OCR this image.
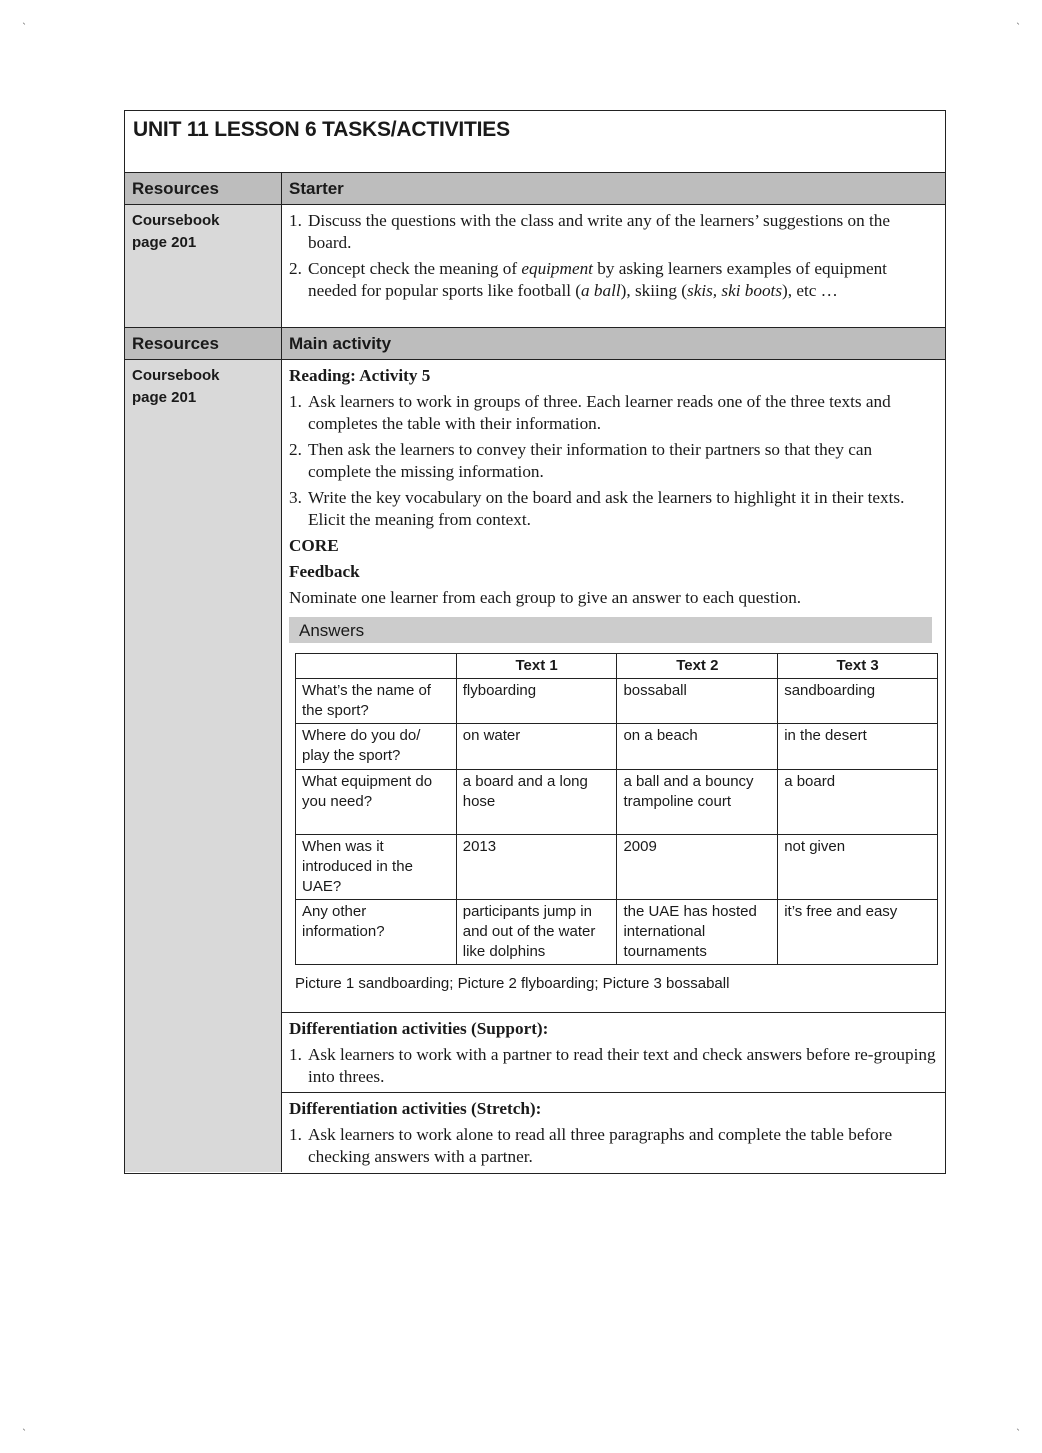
ˎ	ˎ
ˎ	ˎ
UNIT 11 LESSON 6 TASKS/ACTIVITIES
Resources	Starter
Coursebook
page 201
1. Discuss the questions with the class and write any of the learners’ suggestions on the board.
2. Concept check the meaning of equipment by asking learners examples of equipment needed for popular sports like football (a ball), skiing (skis, ski boots), etc …
Resources	Main activity
Coursebook
page 201

Reading: Activity 5

1. Ask learners to work in groups of three. Each learner reads one of the three texts and completes the table with their information.
2. Then ask the learners to convey their information to their partners so that they can complete the missing information.
3. Write the key vocabulary on the board and ask the learners to highlight it in their texts. Elicit the meaning from context.

CORE

Feedback

Nominate one learner from each group to give an answer to each question.

Answers
	Text 1	Text 2	Text 3
What’s the name of the sport?	flyboarding	bossaball	sandboarding
Where do you do/ play the sport?	on water	on a beach	in the desert
What equipment do you need?	a board and a long hose	a ball and a bouncy trampoline court	a board
When was it introduced in the UAE?	2013	2009	not given
Any other information?	participants jump in and out of the water like dolphins	the UAE has hosted international tournaments	it’s free and easy
Picture 1 sandboarding; Picture 2 flyboarding; Picture 3 bossaball

Differentiation activities (Support):

1. Ask learners to work with a partner to read their text and check answers before re-grouping into threes.

Differentiation activities (Stretch):

1. Ask learners to work alone to read all three paragraphs and complete the table before checking answers with a partner.
